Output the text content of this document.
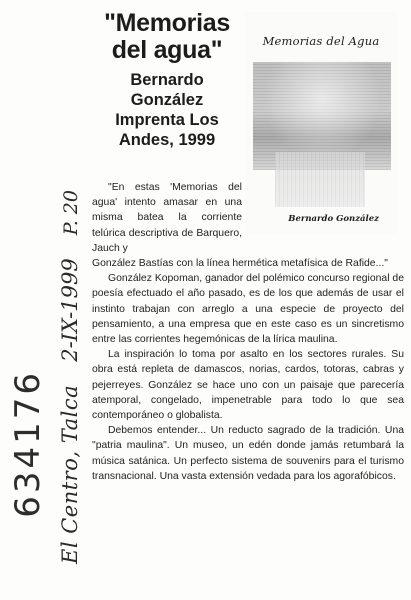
"Memorias del agua"
Bernardo González
Imprenta Los Andes, 1999
Memorias del Agua
Bernardo González
El Centro, Talca 2-IX-1999 P. 20
634176

"En estas 'Memorias del agua' intento amasar en una misma batea la corriente telúrica descriptiva de Barquero, Jauch y

González Bastías con la línea hermética metafísica de Rafide..."

González Kopoman, ganador del polémico concurso regional de poesía efectuado el año pasado, es de los que además de usar el instinto trabajan con arreglo a una especie de proyecto del pensamiento, a una empresa que en este caso es un sincretismo entre las corrientes hegemónicas de la lírica maulina.

La inspiración lo toma por asalto en los sectores rurales. Su obra está repleta de damascos, norias, cardos, totoras, cabras y pejerreyes. González se hace uno con un paisaje que parecería atemporal, congelado, impenetrable para todo lo que sea contemporáneo o globalista.

Debemos entender... Un reducto sagrado de la tradición. Una "patria maulina". Un museo, un edén donde jamás retumbará la música satánica. Un perfecto sistema de souvenirs para el turismo transnacional. Una vasta extensión vedada para los agorafóbicos.
